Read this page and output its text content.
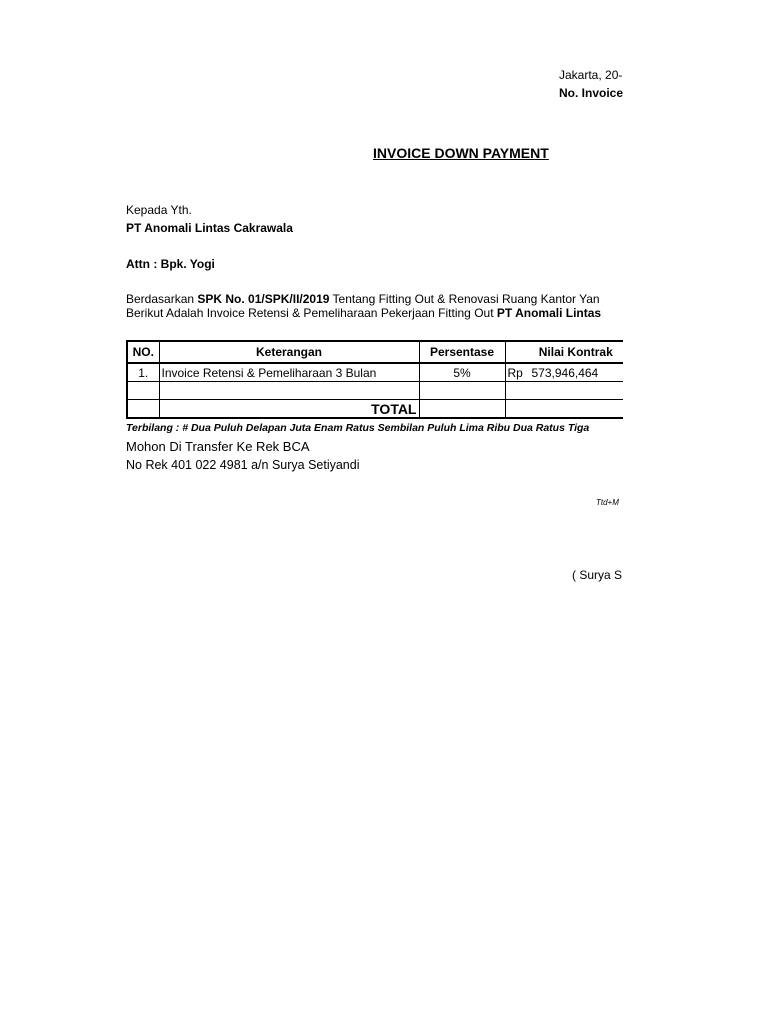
Jakarta, 20-
No. Invoice
INVOICE DOWN PAYMENT
Kepada Yth.
PT Anomali Lintas Cakrawala
Attn : Bpk. Yogi
Berdasarkan SPK No. 01/SPK/II/2019 Tentang Fitting Out & Renovasi Ruang Kantor Yan
Berikut Adalah Invoice Retensi & Pemeliharaan Pekerjaan Fitting Out PT Anomali Lintas
NO.	Keterangan	Persentase	Nilai Kontrak
1.	Invoice Retensi & Pemeliharaan 3 Bulan	5%	Rp 573,946,464

	TOTAL		
Terbilang : # Dua Puluh Delapan Juta Enam Ratus Sembilan Puluh Lima Ribu Dua Ratus Tiga
Mohon Di Transfer Ke Rek BCA
No Rek 401 022 4981 a/n Surya Setiyandi
Ttd+M
( Surya S
